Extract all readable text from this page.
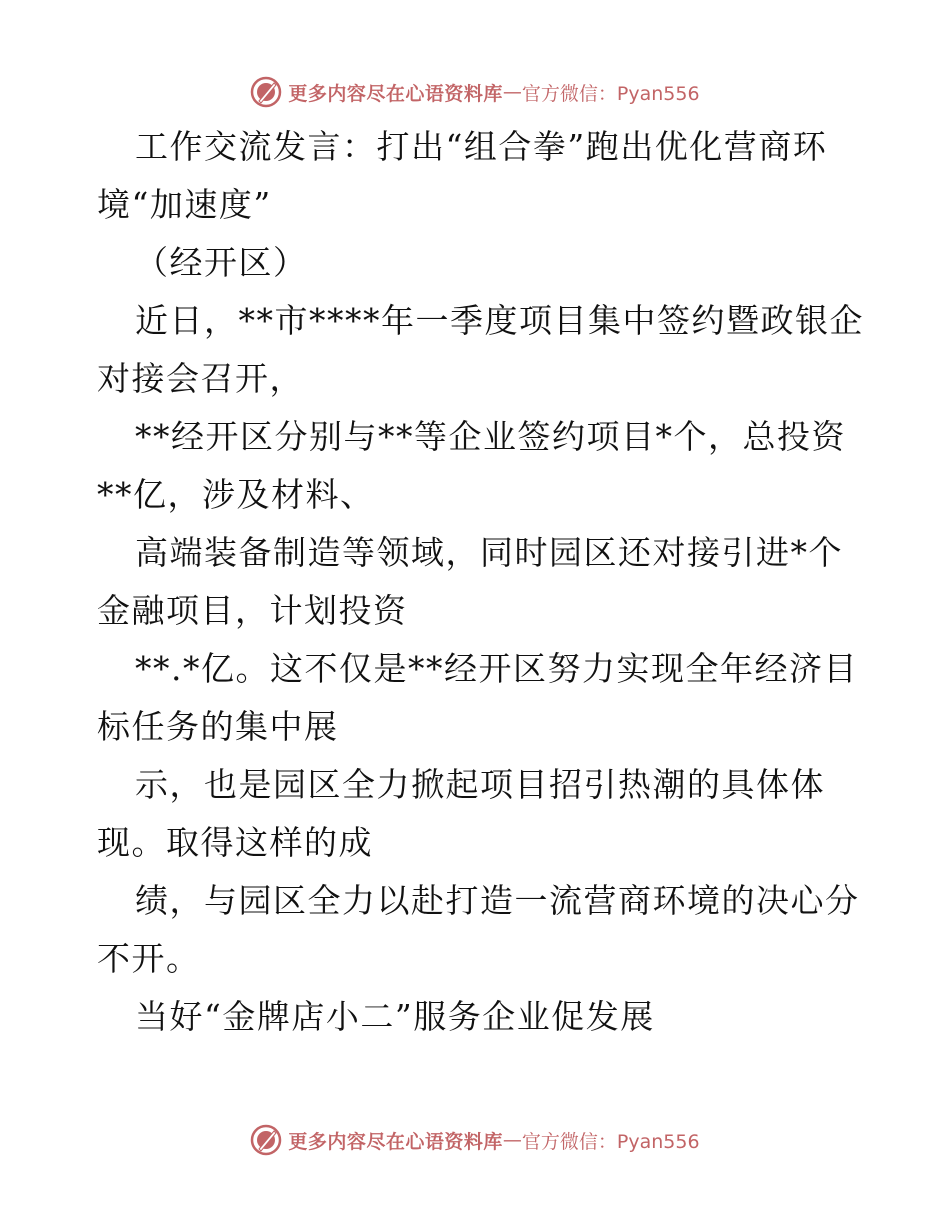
更多内容尽在心语资料库 — 官方微信：Pyan556
工作交流发言：打出“组合拳”跑出优化营商环
境“加速度”
（经开区）
近日，**市****年一季度项目集中签约暨政银企
对接会召开，
**经开区分别与**等企业签约项目*个，总投资
**亿，涉及材料、
高端装备制造等领域，同时园区还对接引进*个
金融项目，计划投资
**.*亿。这不仅是**经开区努力实现全年经济目
标任务的集中展
示，也是园区全力掀起项目招引热潮的具体体
现。取得这样的成
绩，与园区全力以赴打造一流营商环境的决心分
不开。
当好“金牌店小二”服务企业促发展
更多内容尽在心语资料库 — 官方微信：Pyan556
